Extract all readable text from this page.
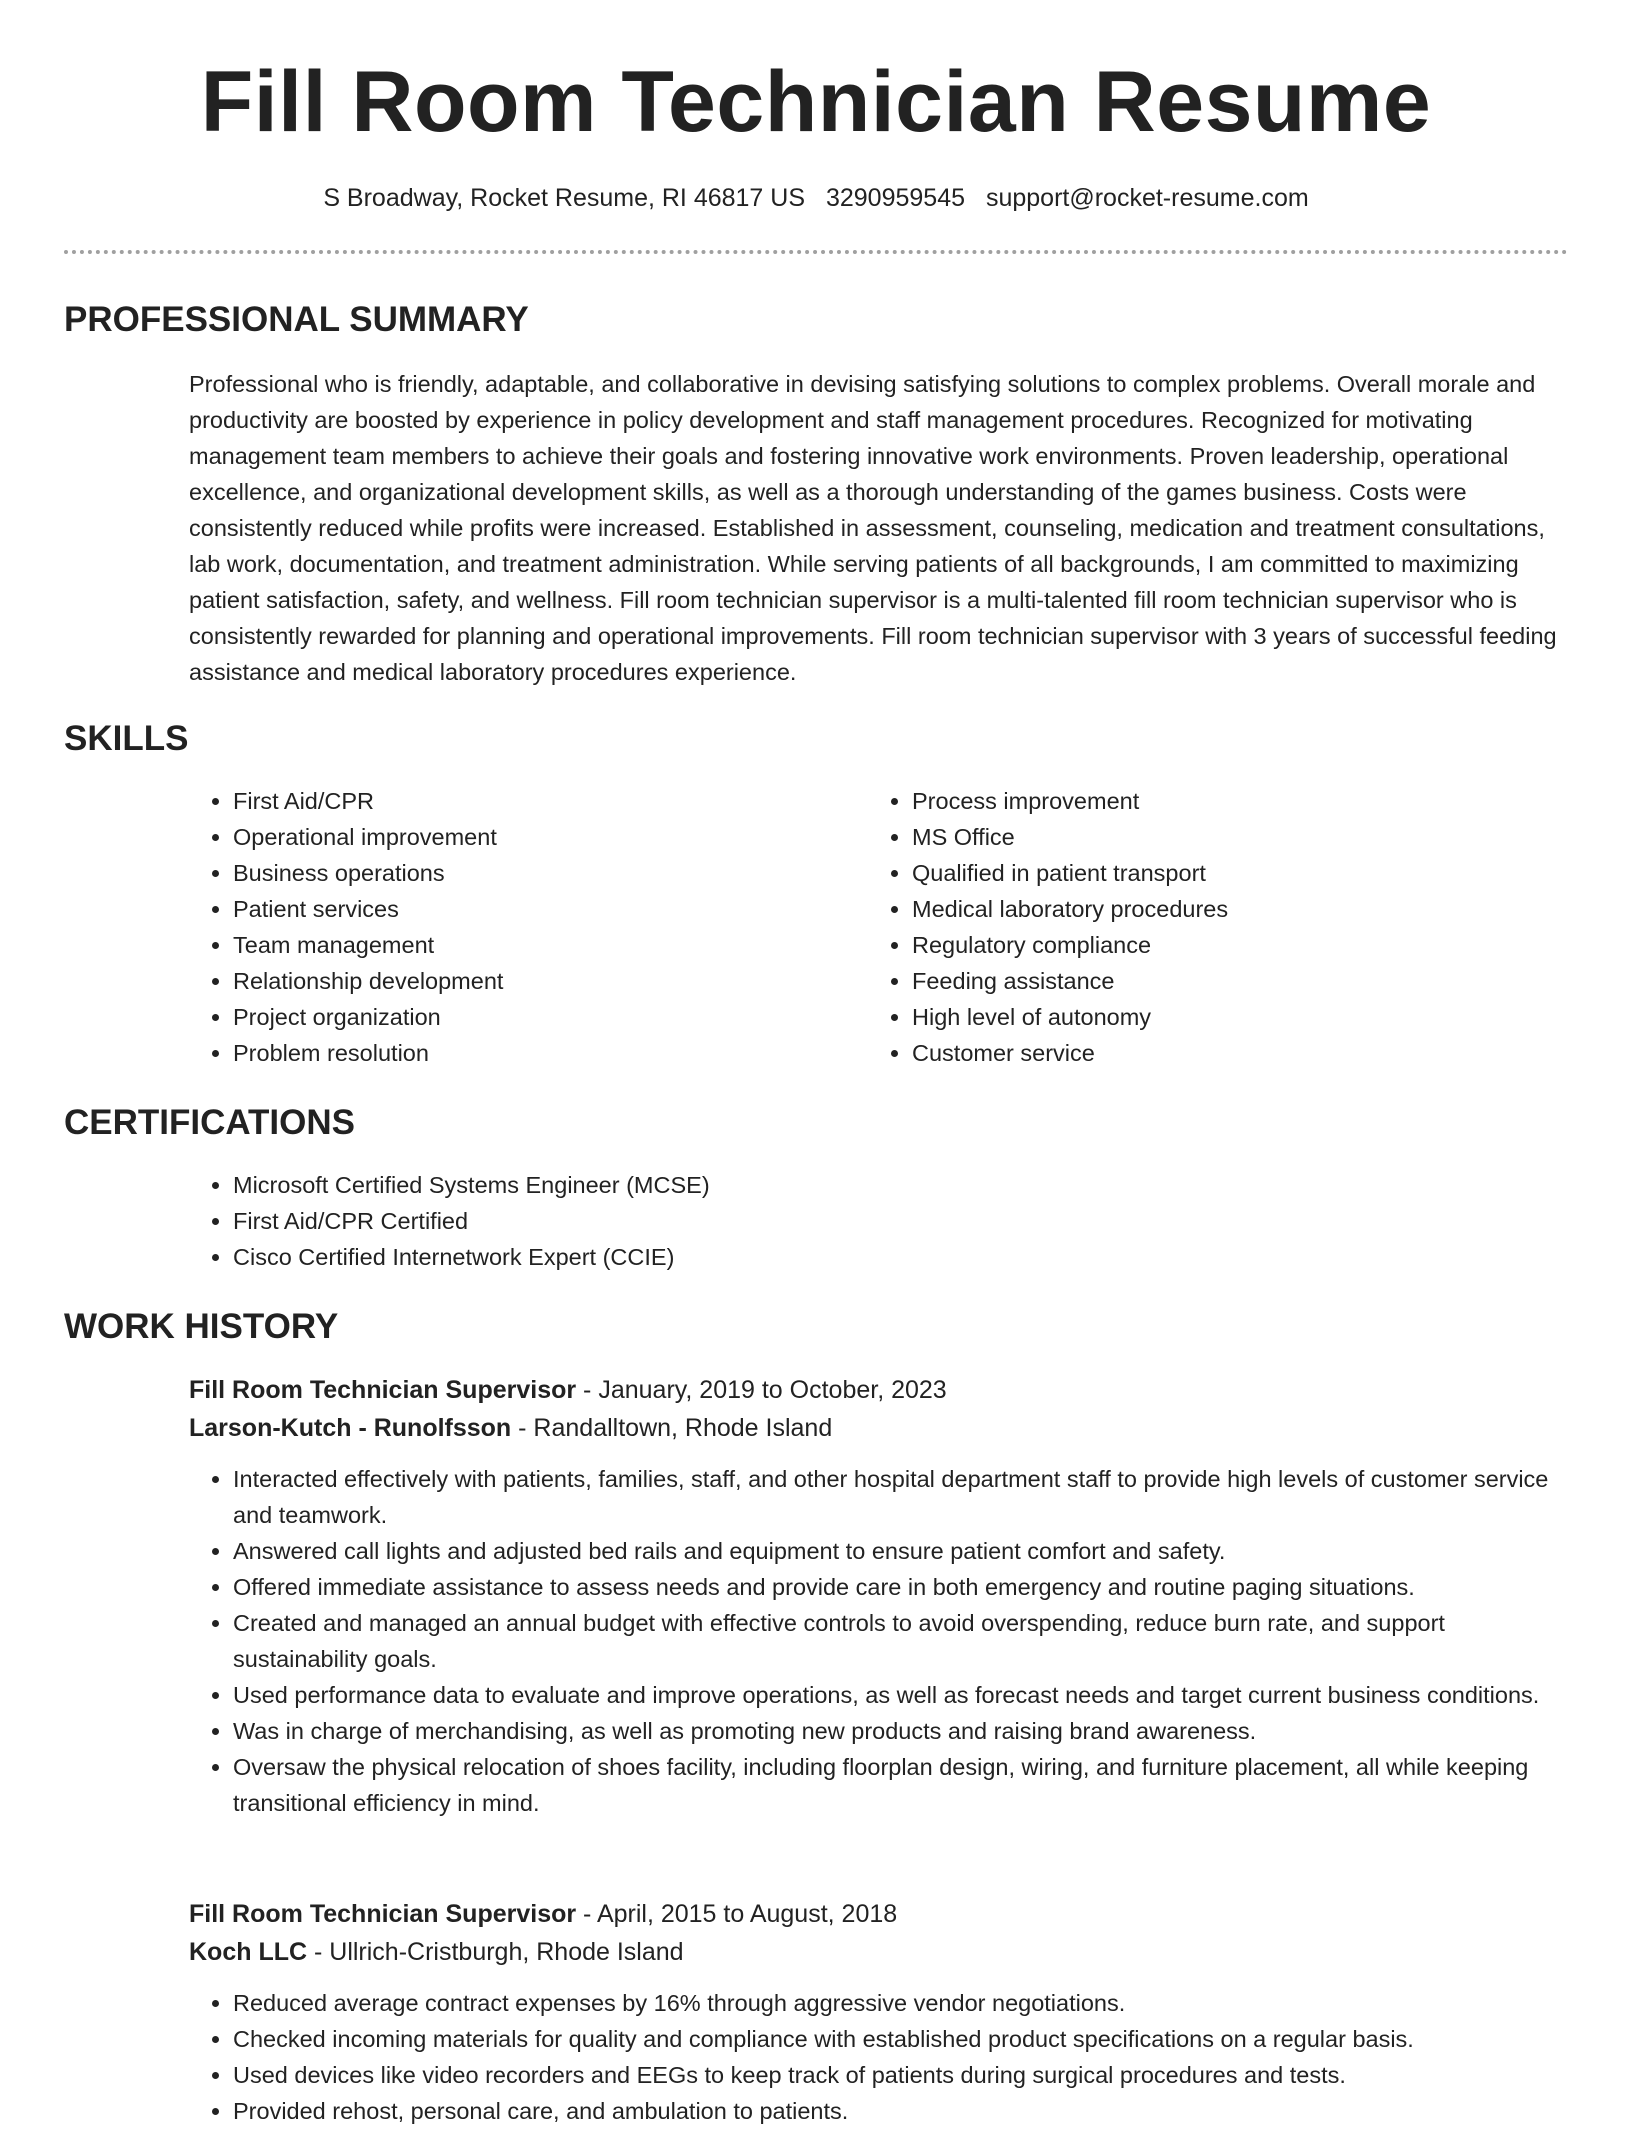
Fill Room Technician Resume
S Broadway, Rocket Resume, RI 46817 US 3290959545 support@rocket-resume.com
PROFESSIONAL SUMMARY

Professional who is friendly, adaptable, and collaborative in devising satisfying solutions to complex problems. Overall morale and productivity are boosted by experience in policy development and staff management procedures. Recognized for motivating management team members to achieve their goals and fostering innovative work environments. Proven leadership, operational excellence, and organizational development skills, as well as a thorough understanding of the games business. Costs were consistently reduced while profits were increased. Established in assessment, counseling, medication and treatment consultations, lab work, documentation, and treatment administration. While serving patients of all backgrounds, I am committed to maximizing patient satisfaction, safety, and wellness. Fill room technician supervisor is a multi-talented fill room technician supervisor who is consistently rewarded for planning and operational improvements. Fill room technician supervisor with 3 years of successful feeding assistance and medical laboratory procedures experience.

SKILLS
• First Aid/CPR
• Operational improvement
• Business operations
• Patient services
• Team management
• Relationship development
• Project organization
• Problem resolution
• Process improvement
• MS Office
• Qualified in patient transport
• Medical laboratory procedures
• Regulatory compliance
• Feeding assistance
• High level of autonomy
• Customer service
CERTIFICATIONS
• Microsoft Certified Systems Engineer (MCSE)
• First Aid/CPR Certified
• Cisco Certified Internetwork Expert (CCIE)
WORK HISTORY
Fill Room Technician Supervisor - January, 2019 to October, 2023
Larson-Kutch - Runolfsson - Randalltown, Rhode Island
• Interacted effectively with patients, families, staff, and other hospital department staff to provide high levels of customer service and teamwork.
• Answered call lights and adjusted bed rails and equipment to ensure patient comfort and safety.
• Offered immediate assistance to assess needs and provide care in both emergency and routine paging situations.
• Created and managed an annual budget with effective controls to avoid overspending, reduce burn rate, and support sustainability goals.
• Used performance data to evaluate and improve operations, as well as forecast needs and target current business conditions.
• Was in charge of merchandising, as well as promoting new products and raising brand awareness.
• Oversaw the physical relocation of shoes facility, including floorplan design, wiring, and furniture placement, all while keeping transitional efficiency in mind.
Fill Room Technician Supervisor - April, 2015 to August, 2018
Koch LLC - Ullrich-Cristburgh, Rhode Island
• Reduced average contract expenses by 16% through aggressive vendor negotiations.
• Checked incoming materials for quality and compliance with established product specifications on a regular basis.
• Used devices like video recorders and EEGs to keep track of patients during surgical procedures and tests.
• Provided rehost, personal care, and ambulation to patients.
